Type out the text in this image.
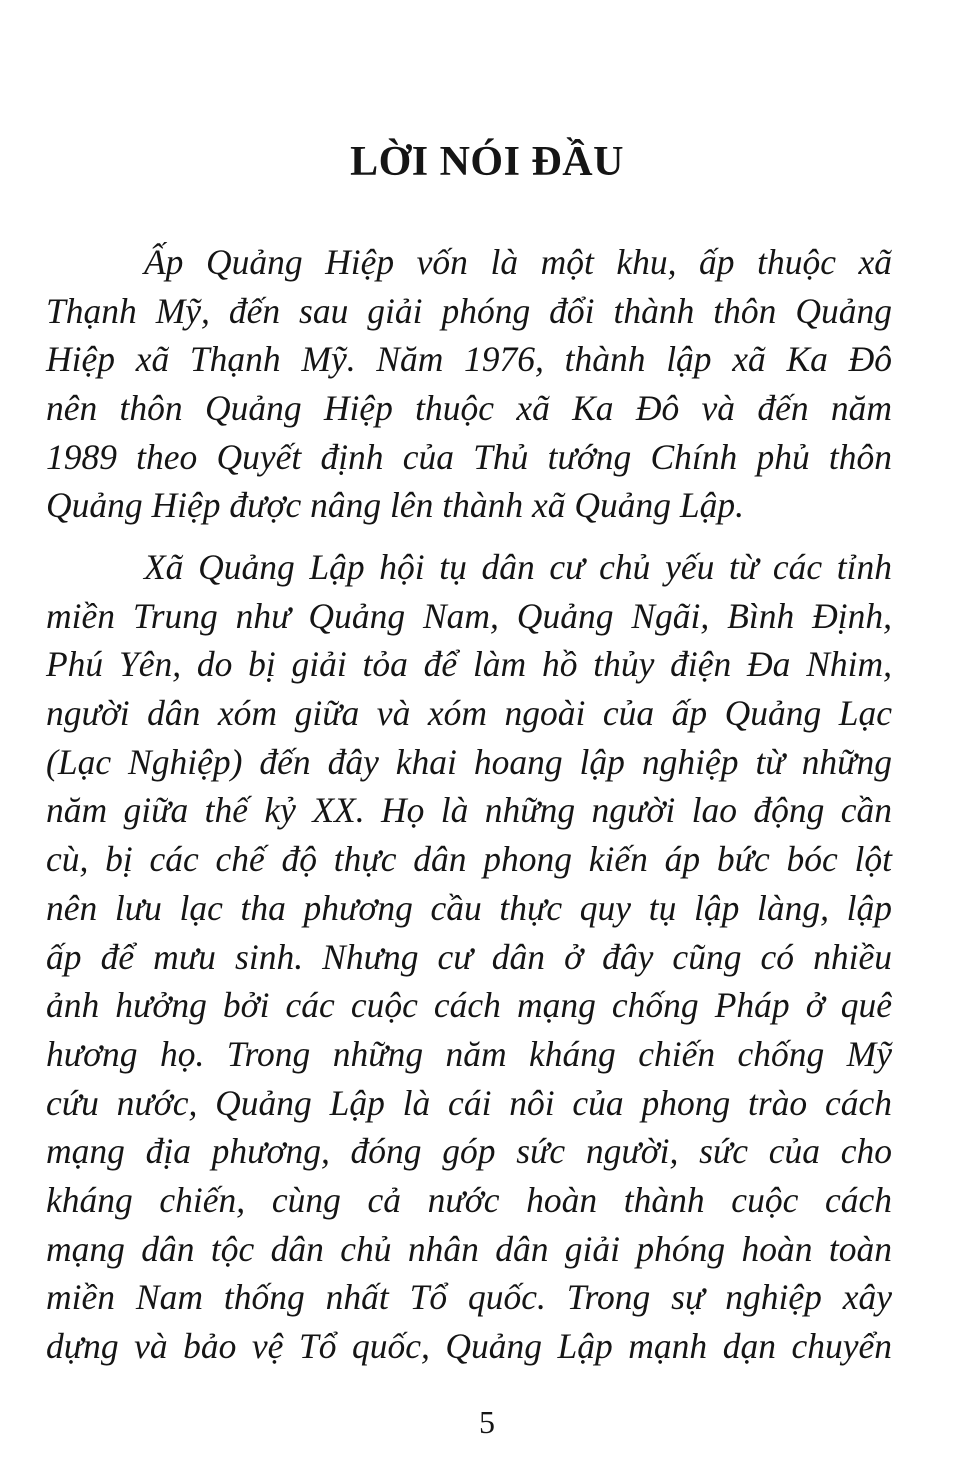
LỜI NÓI ĐẦU
Ấp Quảng Hiệp vốn là một khu, ấp thuộc xã
Thạnh Mỹ, đến sau giải phóng đổi thành thôn Quảng
Hiệp xã Thạnh Mỹ. Năm 1976, thành lập xã Ka Đô
nên thôn Quảng Hiệp thuộc xã Ka Đô và đến năm
1989 theo Quyết định của Thủ tướng Chính phủ thôn
Quảng Hiệp được nâng lên thành xã Quảng Lập.
Xã Quảng Lập hội tụ dân cư chủ yếu từ các tỉnh
miền Trung như Quảng Nam, Quảng Ngãi, Bình Định,
Phú Yên, do bị giải tỏa để làm hồ thủy điện Đa Nhim,
người dân xóm giữa và xóm ngoài của ấp Quảng Lạc
(Lạc Nghiệp) đến đây khai hoang lập nghiệp từ những
năm giữa thế kỷ XX. Họ là những người lao động cần
cù, bị các chế độ thực dân phong kiến áp bức bóc lột
nên lưu lạc tha phương cầu thực quy tụ lập làng, lập
ấp để mưu sinh. Nhưng cư dân ở đây cũng có nhiều
ảnh hưởng bởi các cuộc cách mạng chống Pháp ở quê
hương họ. Trong những năm kháng chiến chống Mỹ
cứu nước, Quảng Lập là cái nôi của phong trào cách
mạng địa phương, đóng góp sức người, sức của cho
kháng chiến, cùng cả nước hoàn thành cuộc cách
mạng dân tộc dân chủ nhân dân giải phóng hoàn toàn
miền Nam thống nhất Tổ quốc. Trong sự nghiệp xây
dựng và bảo vệ Tổ quốc, Quảng Lập mạnh dạn chuyển
5
